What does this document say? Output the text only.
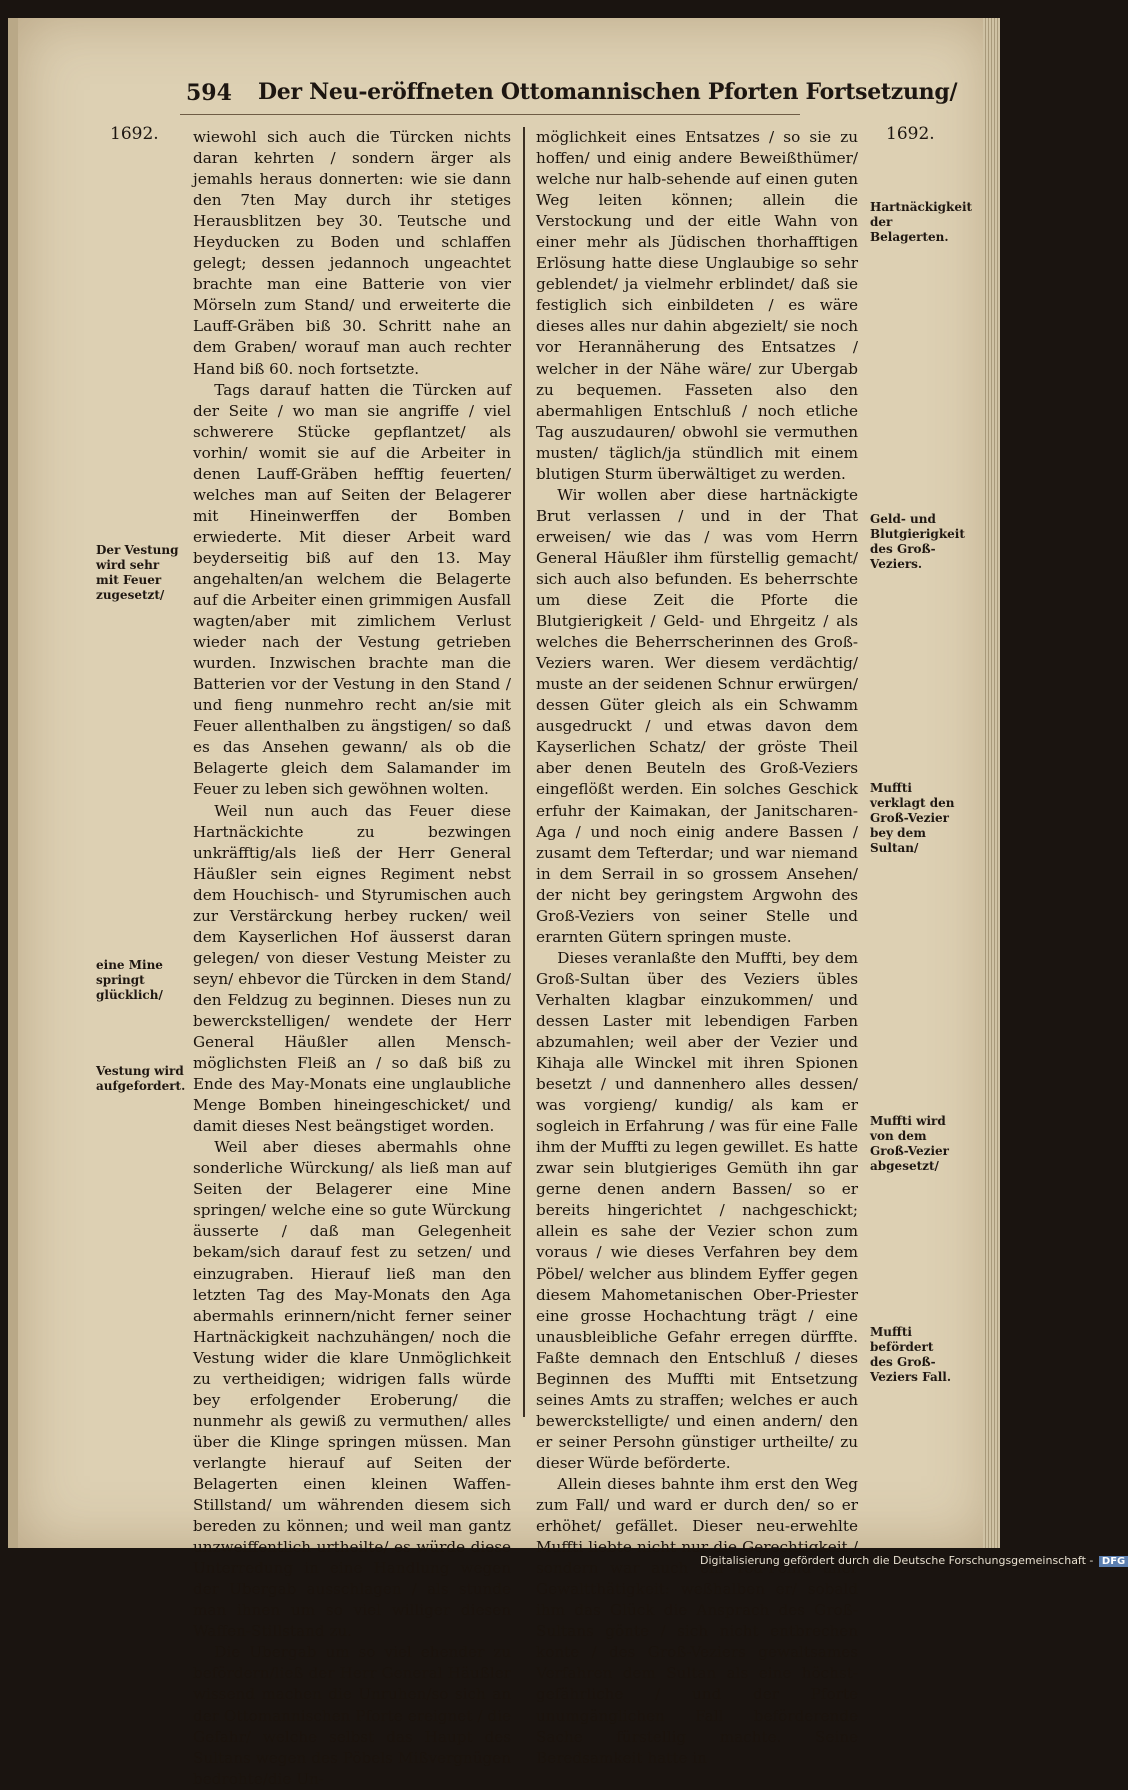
594 Der Neu-eröffneten Ottomannischen Pforten Fortsetzung/
1692.	1692.

wiewohl sich auch die Türcken nichts daran kehrten / sondern ärger als jemahls heraus donnerten: wie sie dann den 7ten May durch ihr stetiges Herausblitzen bey 30. Teutsche und Heyducken zu Boden und schlaffen gelegt; dessen jedannoch ungeachtet brachte man eine Batterie von vier Mörseln zum Stand/ und erweiterte die Lauff-Gräben biß 30. Schritt nahe an dem Graben/ worauf man auch rechter Hand biß 60. noch fortsetzte.

Tags darauf hatten die Türcken auf der Seite / wo man sie angriffe / viel schwerere Stücke gepflantzet/ als vorhin/ womit sie auf die Arbeiter in denen Lauff-Gräben hefftig feuerten/ welches man auf Seiten der Belagerer mit Hineinwerffen der Bomben erwiederte. Mit dieser Arbeit ward beyderseitig biß auf den 13. May angehalten/an welchem die Belagerte auf die Arbeiter einen grimmigen Ausfall wagten/aber mit zimlichem Verlust wieder nach der Vestung getrieben wurden. Inzwischen brachte man die Batterien vor der Vestung in den Stand / und fieng nunmehro recht an/sie mit Feuer allenthalben zu ängstigen/ so daß es das Ansehen gewann/ als ob die Belagerte gleich dem Salamander im Feuer zu leben sich gewöhnen wolten.

Weil nun auch das Feuer diese Hartnäckichte zu bezwingen unkräfftig/als ließ der Herr General Häußler sein eignes Regiment nebst dem Houchisch- und Styrumischen auch zur Verstärckung herbey rucken/ weil dem Kayserlichen Hof äusserst daran gelegen/ von dieser Vestung Meister zu seyn/ ehbevor die Türcken in dem Stand/ den Feldzug zu beginnen. Dieses nun zu bewerckstelligen/ wendete der Herr General Häußler allen Mensch-möglichsten Fleiß an / so daß biß zu Ende des May-Monats eine unglaubliche Menge Bomben hineingeschicket/ und damit dieses Nest beängstiget worden.

Weil aber dieses abermahls ohne sonderliche Würckung/ als ließ man auf Seiten der Belagerer eine Mine springen/ welche eine so gute Würckung äusserte / daß man Gelegenheit bekam/sich darauf fest zu setzen/ und einzugraben. Hierauf ließ man den letzten Tag des May-Monats den Aga abermahls erinnern/nicht ferner seiner Hartnäckigkeit nachzuhängen/ noch die Vestung wider die klare Unmöglichkeit zu vertheidigen; widrigen falls würde bey erfolgender Eroberung/ die nunmehr als gewiß zu vermuthen/ alles über die Klinge springen müssen. Man verlangte hierauf auf Seiten der Belagerten einen kleinen Waffen-Stillstand/ um währenden diesem sich bereden zu können; und weil man gantz unzweiffentlich urtheilte/ es würde diese Unterredung in eine Handlung wegen der Ubergab ausschlagen / als stunde man ihnen um so viel williger diesen Waffen-Stillstand zu.

Die Ubergab um so viel ehender zu befördern/ließ der Herr General Häußler wissend machen die Unruhen/so sich an der Ottomannischen Pforte ereignet / die Gefahr/ welche selbst das Haupt des Sultans wegen des Pöbels Mißvergnügen bedrohte/die Un-

möglichkeit eines Entsatzes / so sie zu hoffen/ und einig andere Beweißthümer/ welche nur halb-sehende auf einen guten Weg leiten können; allein die Verstockung und der eitle Wahn von einer mehr als Jüdischen thorhafftigen Erlösung hatte diese Unglaubige so sehr geblendet/ ja vielmehr erblindet/ daß sie festiglich sich einbildeten / es wäre dieses alles nur dahin abgezielt/ sie noch vor Herannäherung des Entsatzes / welcher in der Nähe wäre/ zur Ubergab zu bequemen. Fasseten also den abermahligen Entschluß / noch etliche Tag auszudauren/ obwohl sie vermuthen musten/ täglich/ja stündlich mit einem blutigen Sturm überwältiget zu werden.

Wir wollen aber diese hartnäckigte Brut verlassen / und in der That erweisen/ wie das / was vom Herrn General Häußler ihm fürstellig gemacht/ sich auch also befunden. Es beherrschte um diese Zeit die Pforte die Blutgierigkeit / Geld- und Ehrgeitz / als welches die Beherrscherinnen des Groß-Veziers waren. Wer diesem verdächtig/ muste an der seidenen Schnur erwürgen/ dessen Güter gleich als ein Schwamm ausgedruckt / und etwas davon dem Kayserlichen Schatz/ der gröste Theil aber denen Beuteln des Groß-Veziers eingeflößt werden. Ein solches Geschick erfuhr der Kaimakan, der Janitscharen-Aga / und noch einig andere Bassen / zusamt dem Tefterdar; und war niemand in dem Serrail in so grossem Ansehen/ der nicht bey geringstem Argwohn des Groß-Veziers von seiner Stelle und erarnten Gütern springen muste.

Dieses veranlaßte den Muffti, bey dem Groß-Sultan über des Veziers übles Verhalten klagbar einzukommen/ und dessen Laster mit lebendigen Farben abzumahlen; weil aber der Vezier und Kihaja alle Winckel mit ihren Spionen besetzt / und dannenhero alles dessen/ was vorgieng/ kundig/ als kam er sogleich in Erfahrung / was für eine Falle ihm der Muffti zu legen gewillet. Es hatte zwar sein blutgieriges Gemüth ihn gar gerne denen andern Bassen/ so er bereits hingerichtet / nachgeschickt; allein es sahe der Vezier schon zum voraus / wie dieses Verfahren bey dem Pöbel/ welcher aus blindem Eyffer gegen diesem Mahometanischen Ober-Priester eine grosse Hochachtung trägt / eine unausbleibliche Gefahr erregen dürffte. Faßte demnach den Entschluß / dieses Beginnen des Muffti mit Entsetzung seines Amts zu straffen; welches er auch bewerckstelligte/ und einen andern/ den er seiner Persohn günstiger urtheilte/ zu dieser Würde beförderte.

Allein dieses bahnte ihm erst den Weg zum Fall/ und ward er durch den/ so er erhöhet/ gefället. Dieser neu-erwehlte Muffti liebte nicht nur die Gerechtigkeit / sondern war auch ein Tod-Feind aller Gewaltthätigkeit: weßhalben er/ sobald ihm das Glück die Ansprach des Groß-Sultans gönte / sich nicht entbrechen konte / des Groß-Veziers gewaltsames Verfahren dem Sultan als eine höchst-gefährliche / und der Pforte unumgänglichen Fall beförderende Sache fürstellig machte. Seine Beredsamkeit hatte in

Der Vestung wird sehr mit Feuer zugesetzt/
eine Mine springt glücklich/
Vestung wird aufgefordert.
Hartnäckigkeit der Belagerten.
Geld- und Blutgierigkeit des Groß-Veziers.
Muffti verklagt den Groß-Vezier bey dem Sultan/
Muffti wird von dem Groß-Vezier abgesetzt/
Muffti befördert des Groß-Veziers Fall.
Digitalisierung gefördert durch die Deutsche Forschungsgemeinschaft - DFG
